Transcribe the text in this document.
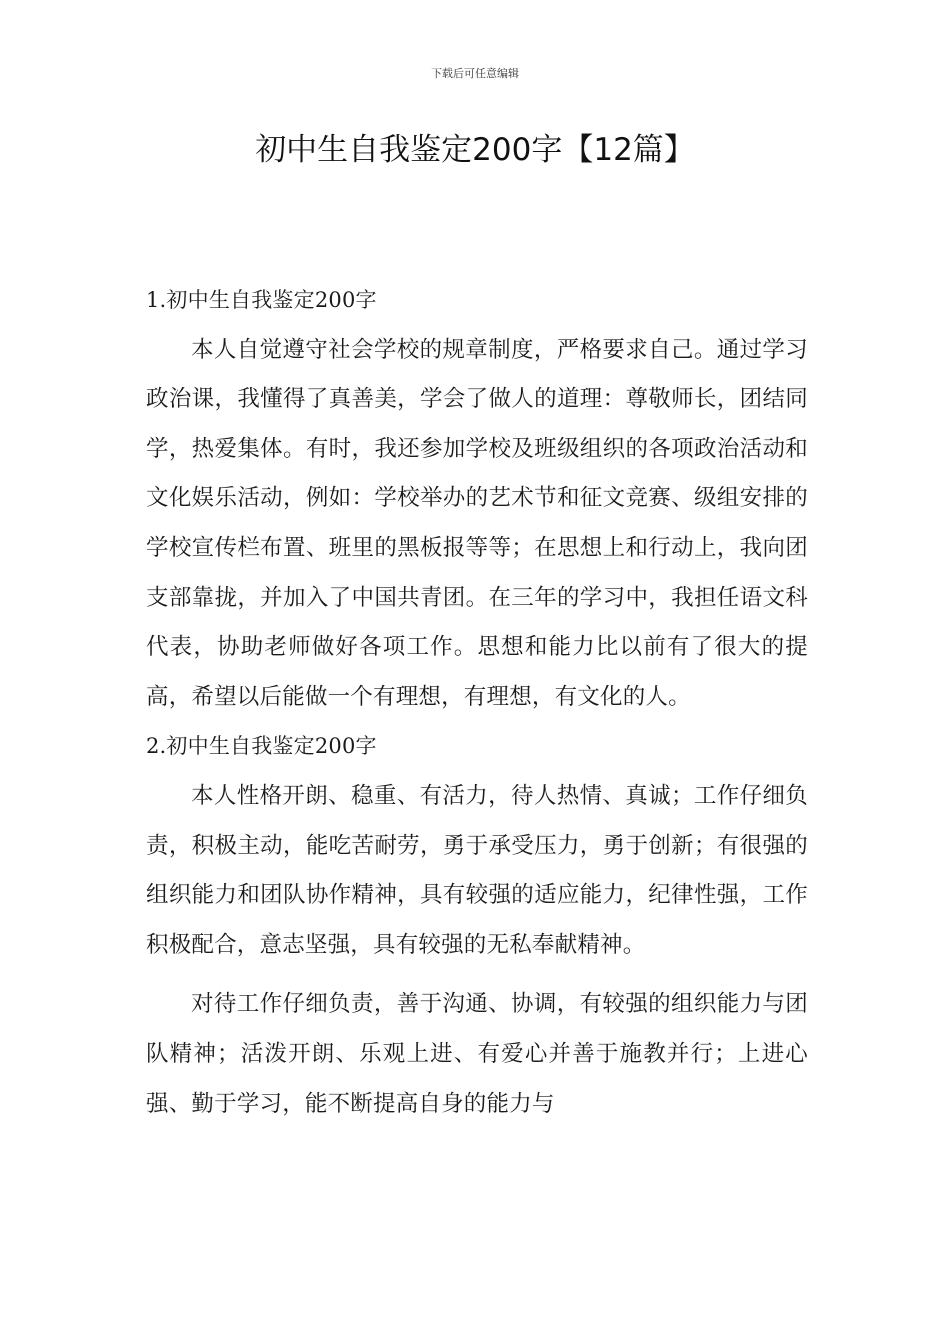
下载后可任意编辑
初中生自我鉴定200字【12篇】
1.初中生自我鉴定200字

本人自觉遵守社会学校的规章制度，严格要求自己。通过学习政治课，我懂得了真善美，学会了做人的道理：尊敬师长，团结同学，热爱集体。有时，我还参加学校及班级组织的各项政治活动和文化娱乐活动，例如：学校举办的艺术节和征文竞赛、级组安排的学校宣传栏布置、班里的黑板报等等；在思想上和行动上，我向团支部靠拢，并加入了中国共青团。在三年的学习中，我担任语文科代表，协助老师做好各项工作。思想和能力比以前有了很大的提高，希望以后能做一个有理想，有理想，有文化的人。

2.初中生自我鉴定200字

本人性格开朗、稳重、有活力，待人热情、真诚；工作仔细负责，积极主动，能吃苦耐劳，勇于承受压力，勇于创新；有很强的组织能力和团队协作精神，具有较强的适应能力，纪律性强，工作积极配合，意志坚强，具有较强的无私奉献精神。

对待工作仔细负责，善于沟通、协调，有较强的组织能力与团队精神；活泼开朗、乐观上进、有爱心并善于施教并行；上进心强、勤于学习，能不断提高自身的能力与
